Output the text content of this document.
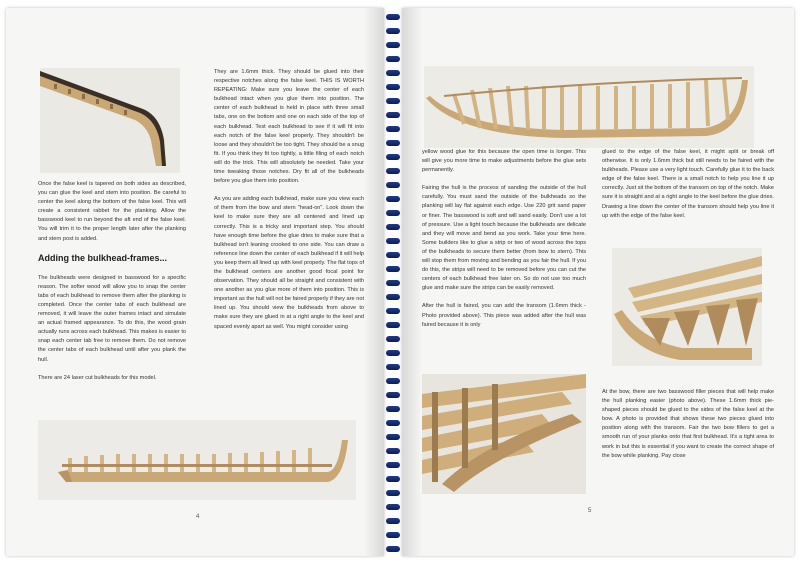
Once the false keel is tapered on both sides as described, you can glue the keel and stem into position. Be careful to center the keel along the bottom of the false keel. This will create a consistent rabbet for the planking. Allow the basswood keel to run beyond the aft end of the false keel. You will trim it to the proper length later after the planking and stern post is added.

Adding the bulkhead-frames...

The bulkheads were designed in basswood for a specific reason. The softer wood will allow you to snap the center tabs of each bulkhead to remove them after the planking is completed. Once the center tabs of each bulkhead are removed, it will leave the outer frames intact and simulate an actual framed appearance. To do this, the wood grain actually runs across each bulkhead. This makes is easier to snap each center tab free to remove them. Do not remove the center tabs of each bulkhead until after you plank the hull.

There are 24 laser cut bulkheads for this model.

They are 1.6mm thick. They should be glued into their respective notches along the false keel. THIS IS WORTH REPEATING: Make sure you leave the center of each bulkhead intact when you glue them into position. The center of each bulkhead is held in place with three small tabs, one on the bottom and one on each side of the top of each bulkhead. Test each bulkhead to see if it will fit into each notch of the false keel properly. They shouldn't be loose and they shouldn't be too tight. They should be a snug fit. If you think they fit too tightly, a little filing of each notch will do the trick. This will absolutely be needed. Take your time tweaking those notches. Dry fit all of the bulkheads before you glue them into position.

As you are adding each bulkhead, make sure you view each of them from the bow and stern "head-on". Look down the keel to make sure they are all centered and lined up correctly. This is a tricky and important step. You should have enough time before the glue dries to make sure that a bulkhead isn't leaning crooked to one side. You can draw a reference line down the center of each bulkhead if it will help you keep them all lined up with keel properly. The flat tops of the bulkhead centers are another good focal point for observation. They should all be straight and consistent with one another as you glue more of them into position. This is important as the hull will not be faired properly if they are not lined up. You should view the bulkheads from above to make sure they are glued in at a right angle to the keel and spaced evenly apart as well. You might consider using

4

yellow wood glue for this because the open time is longer. This will give you more time to make adjustments before the glue sets permanently.

Fairing the hull is the process of sanding the outside of the hull carefully. You must sand the outside of the bulkheads so the planking will lay flat against each edge. Use 220 grit sand paper or finer. The basswood is soft and will sand easily. Don't use a lot of pressure. Use a light touch because the bulkheads are delicate and they will move and bend as you work. Take your time here. Some builders like to glue a strip or two of wood across the tops of the bulkheads to secure them better (from bow to stern). This will stop them from moving and bending as you fair the hull. If you do this, the strips will need to be removed before you can cut the centers of each bulkhead free later on. So do not use too much glue and make sure the strips can be easily removed.

After the hull is faired, you can add the transom (1.6mm thick -Photo provided above). This piece was added after the hull was faired because it is only

glued to the edge of the false keel, it might split or break off otherwise. It is only 1.6mm thick but still needs to be faired with the bulkheads. Please use a very light touch. Carefully glue it to the back edge of the false keel. There is a small notch to help you line it up correctly. Just sit the bottom of the transom on top of the notch. Make sure it is straight and at a right angle to the keel before the glue dries. Drawing a line down the center of the transom should help you line it up with the edge of the false keel.

At the bow, there are two basswood filler pieces that will help make the hull planking easier (photo above). These 1.6mm thick pie-shaped pieces should be glued to the sides of the false keel at the bow. A photo is provided that shows these two pieces glued into position along with the transom. Fair the two bow fillers to get a smooth run of your planks onto that first bulkhead. It's a tight area to work in but this is essential if you want to create the correct shape of the bow while planking. Pay close

5
